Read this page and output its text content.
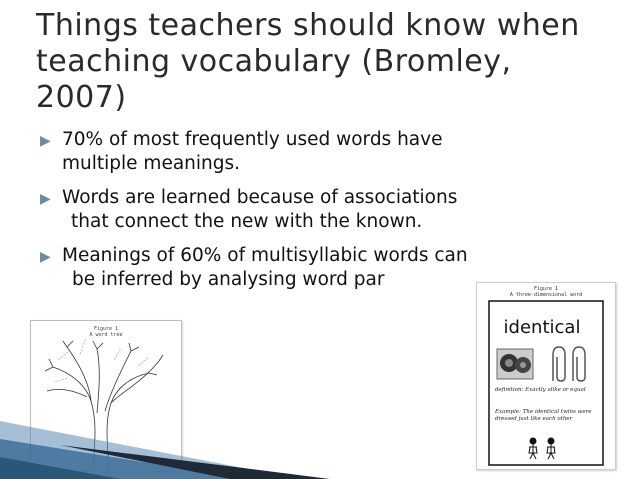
Things teachers should know when
teaching vocabulary (Bromley,
2007)
▶ 70% of most frequently used words have
multiple meanings.
▶ Words are learned because of associations
that connect the new with the known.
▶ Meanings of 60% of multisyllabic words can
be inferred by analysing word par
Figure 1
A word tree
~~~~
~~~~~	~~~~
~~~~
~~~~
Figure 1
A three-dimensional word
identical
definition: Exactly alike or equal
Example: The identical twins were dressed just like each other
